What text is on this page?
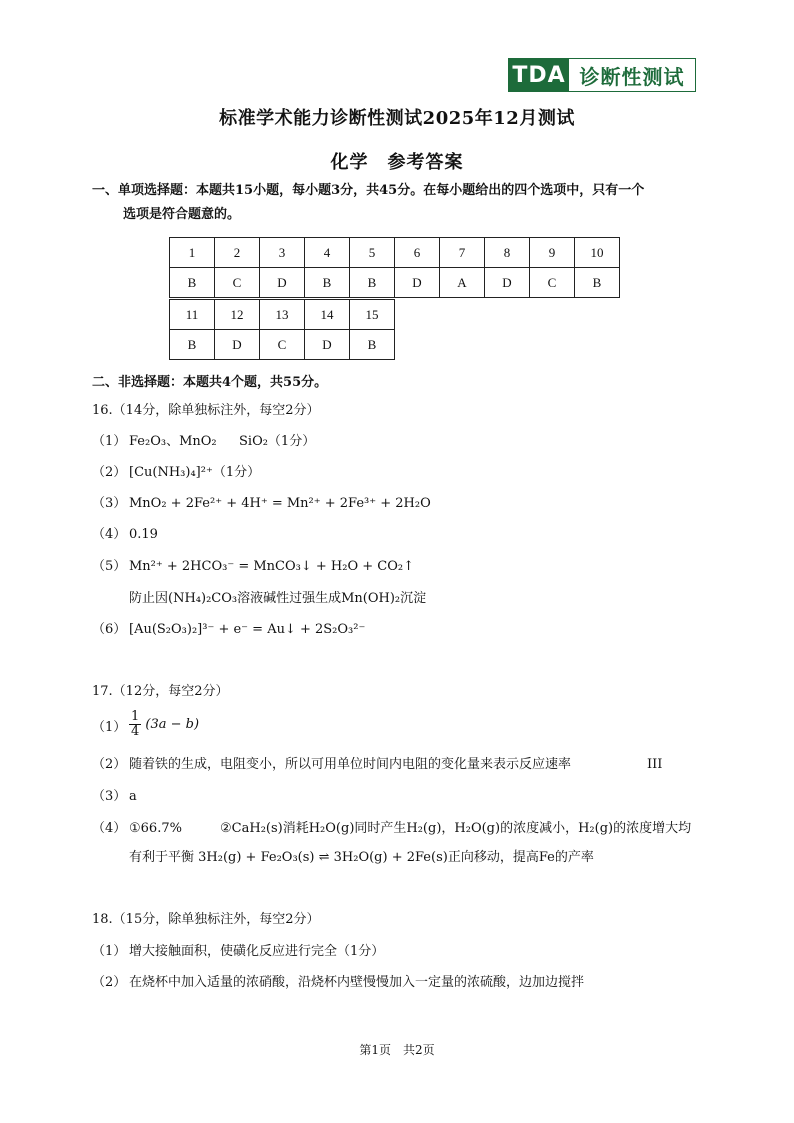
TDA 诊断性测试
标准学术能力诊断性测试2025年12月测试
化学　参考答案
一、单项选择题：本题共15小题，每小题3分，共45分。在每小题给出的四个选项中，只有一个
选项是符合题意的。
1	2	3	4	5	6	7	8	9	10
B	C	D	B	B	D	A	D	C	B
11	12	13	14	15
B	D	C	D	B
二、非选择题：本题共4个题，共55分。
16.（14分，除单独标注外，每空2分）
（1） Fe₂O₃、MnO₂ SiO₂（1分）
（2） [Cu(NH₃)₄]²⁺（1分）
（3） MnO₂ + 2Fe²⁺ + 4H⁺ = Mn²⁺ + 2Fe³⁺ + 2H₂O
（4） 0.19
（5） Mn²⁺ + 2HCO₃⁻ = MnCO₃↓ + H₂O + CO₂↑
防止因(NH₄)₂CO₃溶液碱性过强生成Mn(OH)₂沉淀
（6） [Au(S₂O₃)₂]³⁻ + e⁻ = Au↓ + 2S₂O₃²⁻
17.（12分，每空2分）
$(1) \frac{1}{4} (3a - b)$
（2） 随着铁的生成，电阻变小，所以可用单位时间内电阻的变化量来表示反应速率	III
（3） a
（4） ①66.7%	②CaH₂(s)消耗H₂O(g)同时产生H₂(g)，H₂O(g)的浓度减小，H₂(g)的浓度增大均
有利于平衡 3H₂(g) + Fe₂O₃(s) ⇌ 3H₂O(g) + 2Fe(s)正向移动，提高Fe的产率
18.（15分，除单独标注外，每空2分）
（1） 增大接触面积，使磺化反应进行完全（1分）
（2） 在烧杯中加入适量的浓硝酸，沿烧杯内壁慢慢加入一定量的浓硫酸，边加边搅拌
第1页　共2页
